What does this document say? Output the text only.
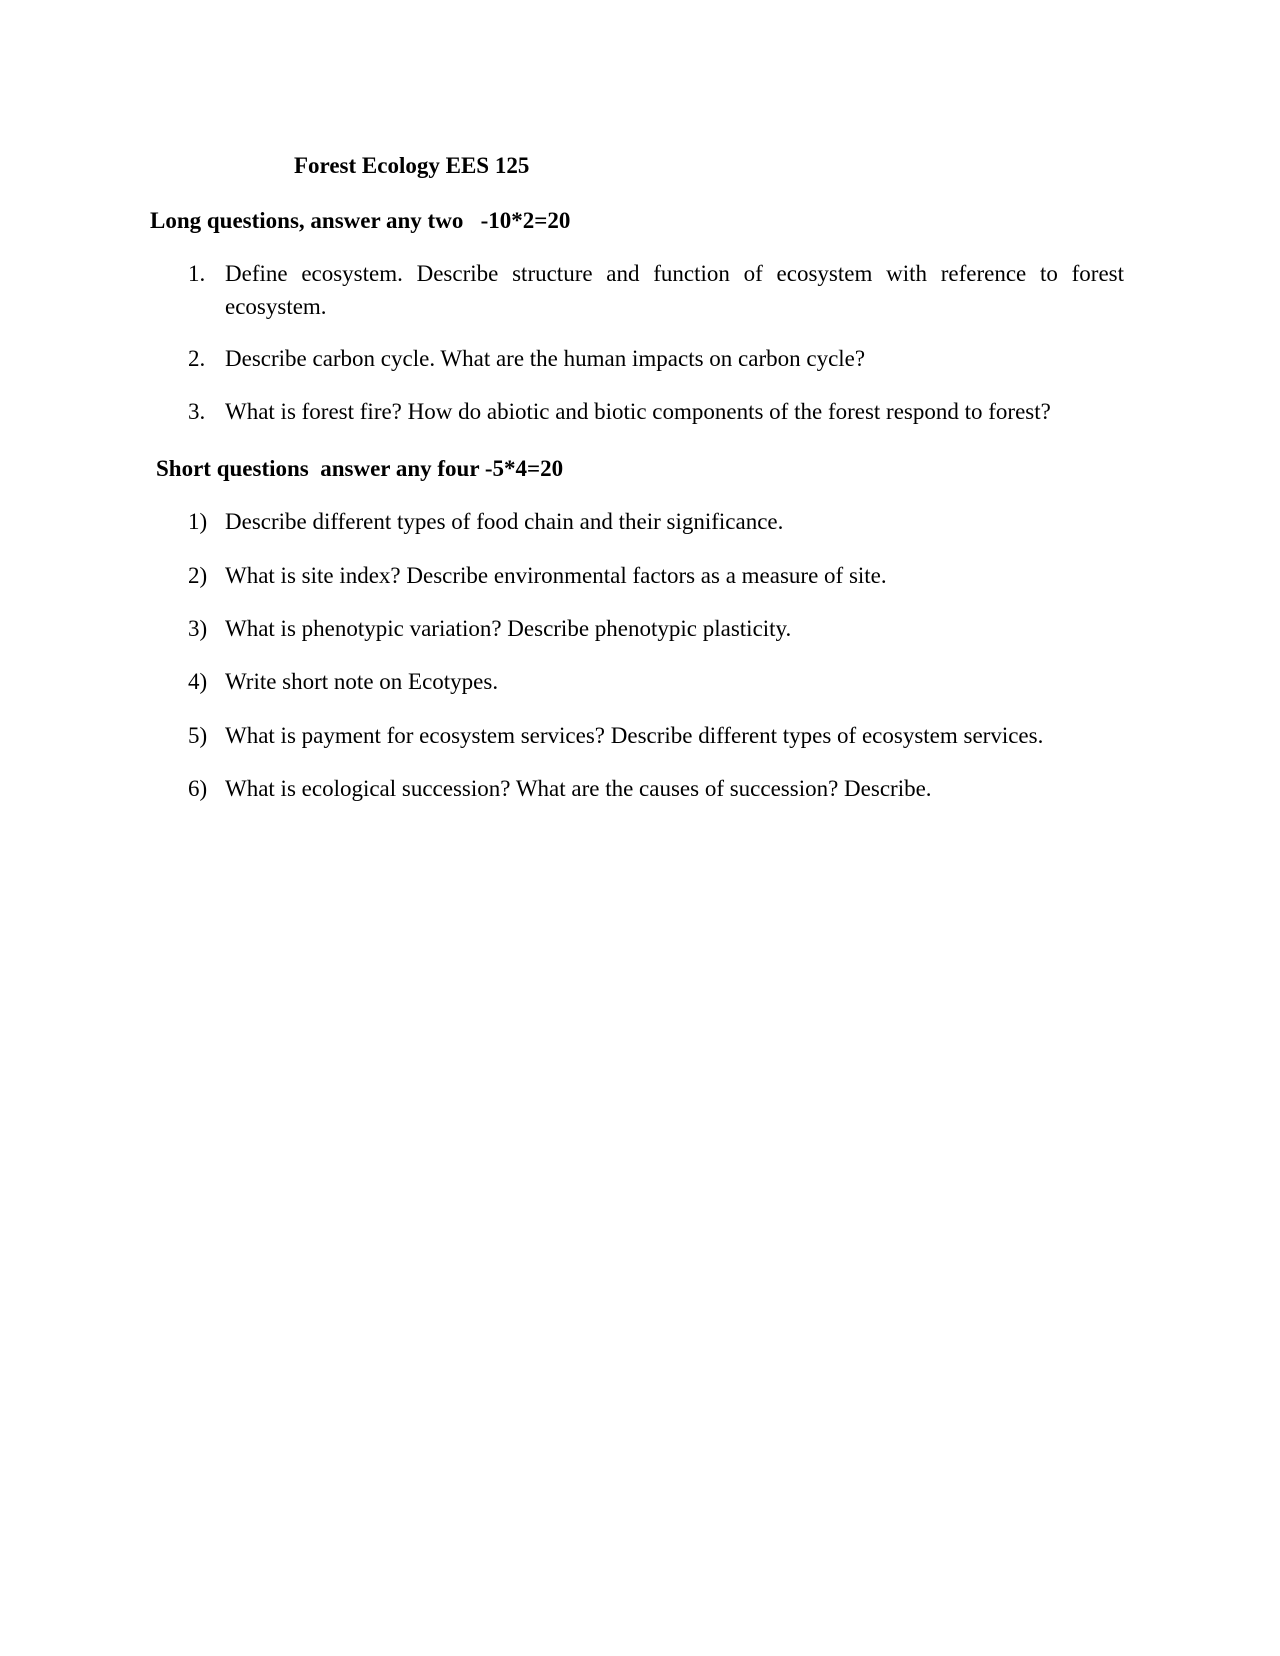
Forest Ecology EES 125
Long questions, answer any two   -10*2=20
1. Define ecosystem. Describe structure and function of ecosystem with reference to forest ecosystem.
2. Describe carbon cycle. What are the human impacts on carbon cycle?
3. What is forest fire? How do abiotic and biotic components of the forest respond to forest?
Short questions  answer any four -5*4=20
1) Describe different types of food chain and their significance.
2) What is site index? Describe environmental factors as a measure of site.
3) What is phenotypic variation? Describe phenotypic plasticity.
4) Write short note on Ecotypes.
5) What is payment for ecosystem services? Describe different types of ecosystem services.
6) What is ecological succession? What are the causes of succession? Describe.
